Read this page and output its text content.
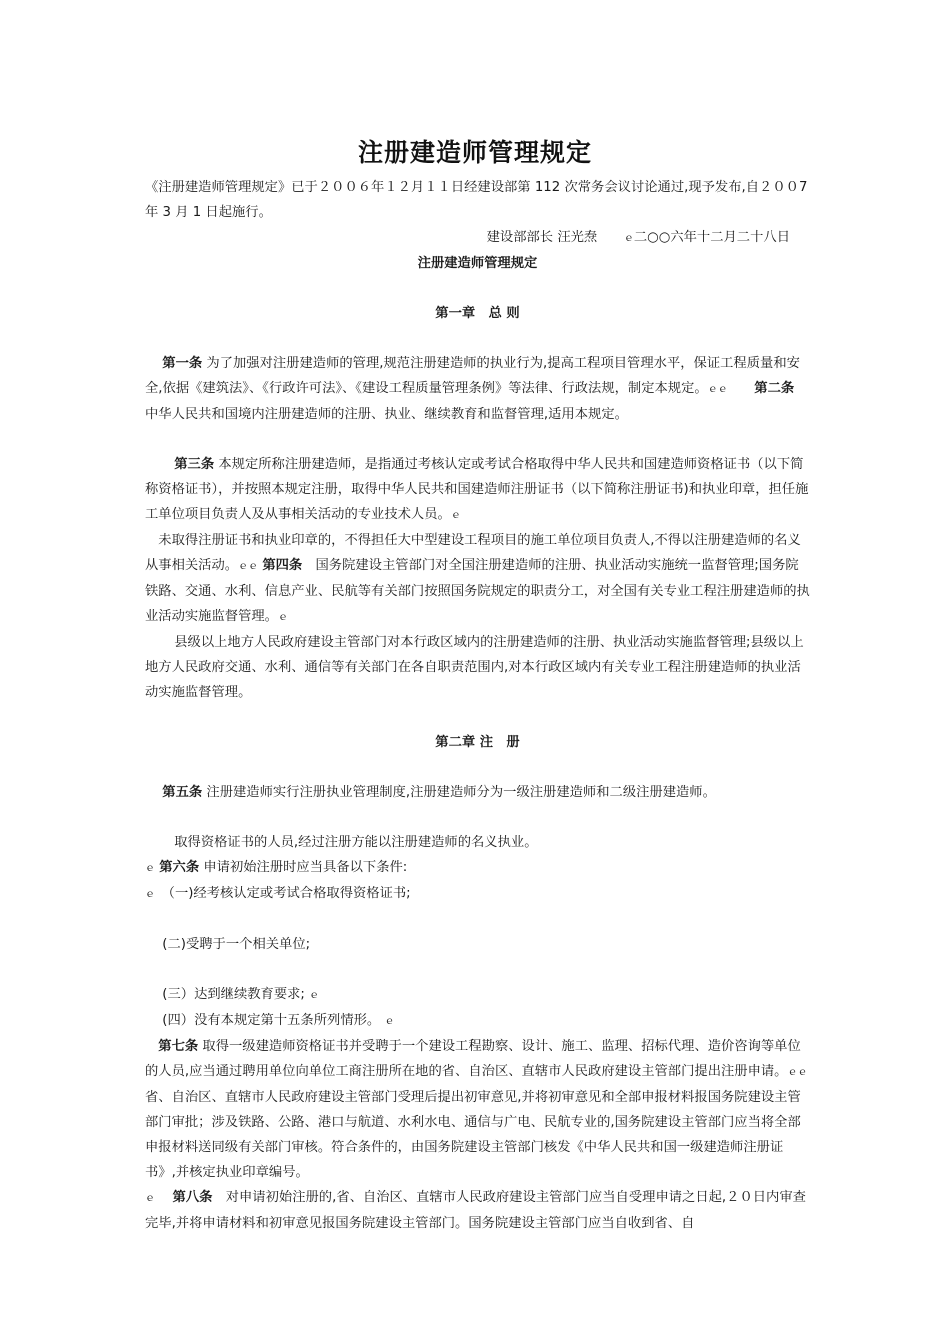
注册建造师管理规定

《注册建造师管理规定》已于２００６年１２月１１日经建设部第 112 次常务会议讨论通过,现予发布,自２００7 年 3 月 1 日起施行。

建设部部长 汪光焘　　	ｅ二○○六年十二月二十八日

注册建造师管理规定

第一章　总 则

第一条 为了加强对注册建造师的管理,规范注册建造师的执业行为,提高工程项目管理水平，保证工程质量和安全,依据《建筑法》、《行政许可法》、《建设工程质量管理条例》等法律、行政法规，制定本规定。ｅｅ　　 第二条 中华人民共和国境内注册建造师的注册、执业、继续教育和监督管理,适用本规定。

第三条 本规定所称注册建造师，是指通过考核认定或考试合格取得中华人民共和国建造师资格证书（以下简称资格证书），并按照本规定注册，取得中华人民共和国建造师注册证书（以下简称注册证书)和执业印章，担任施工单位项目负责人及从事相关活动的专业技术人员。ｅ

未取得注册证书和执业印章的，不得担任大中型建设工程项目的施工单位项目负责人,不得以注册建造师的名义从事相关活动。ｅｅ 第四条　国务院建设主管部门对全国注册建造师的注册、执业活动实施统一监督管理;国务院铁路、交通、水利、信息产业、民航等有关部门按照国务院规定的职责分工，对全国有关专业工程注册建造师的执业活动实施监督管理。ｅ

县级以上地方人民政府建设主管部门对本行政区域内的注册建造师的注册、执业活动实施监督管理;县级以上地方人民政府交通、水利、通信等有关部门在各自职责范围内,对本行政区域内有关专业工程注册建造师的执业活动实施监督管理。

第二章 注　册

第五条 注册建造师实行注册执业管理制度,注册建造师分为一级注册建造师和二级注册建造师。

取得资格证书的人员,经过注册方能以注册建造师的名义执业。

ｅ 第六条 申请初始注册时应当具备以下条件:

ｅ　 （一)经考核认定或考试合格取得资格证书;

(二)受聘于一个相关单位;

(三）达到继续教育要求; ｅ

(四）没有本规定第十五条所列情形。 ｅ

第七条 取得一级建造师资格证书并受聘于一个建设工程勘察、设计、施工、监理、招标代理、造价咨询等单位的人员,应当通过聘用单位向单位工商注册所在地的省、自治区、直辖市人民政府建设主管部门提出注册申请。ｅｅ 省、自治区、直辖市人民政府建设主管部门受理后提出初审意见,并将初审意见和全部申报材料报国务院建设主管部门审批；涉及铁路、公路、港口与航道、水利水电、通信与广电、民航专业的,国务院建设主管部门应当将全部申报材料送同级有关部门审核。符合条件的，由国务院建设主管部门核发《中华人民共和国一级建造师注册证书》,并核定执业印章编号。

ｅ　 第八条　对申请初始注册的,省、自治区、直辖市人民政府建设主管部门应当自受理申请之日起,２０日内审查完毕,并将申请材料和初审意见报国务院建设主管部门。国务院建设主管部门应当自收到省、自
